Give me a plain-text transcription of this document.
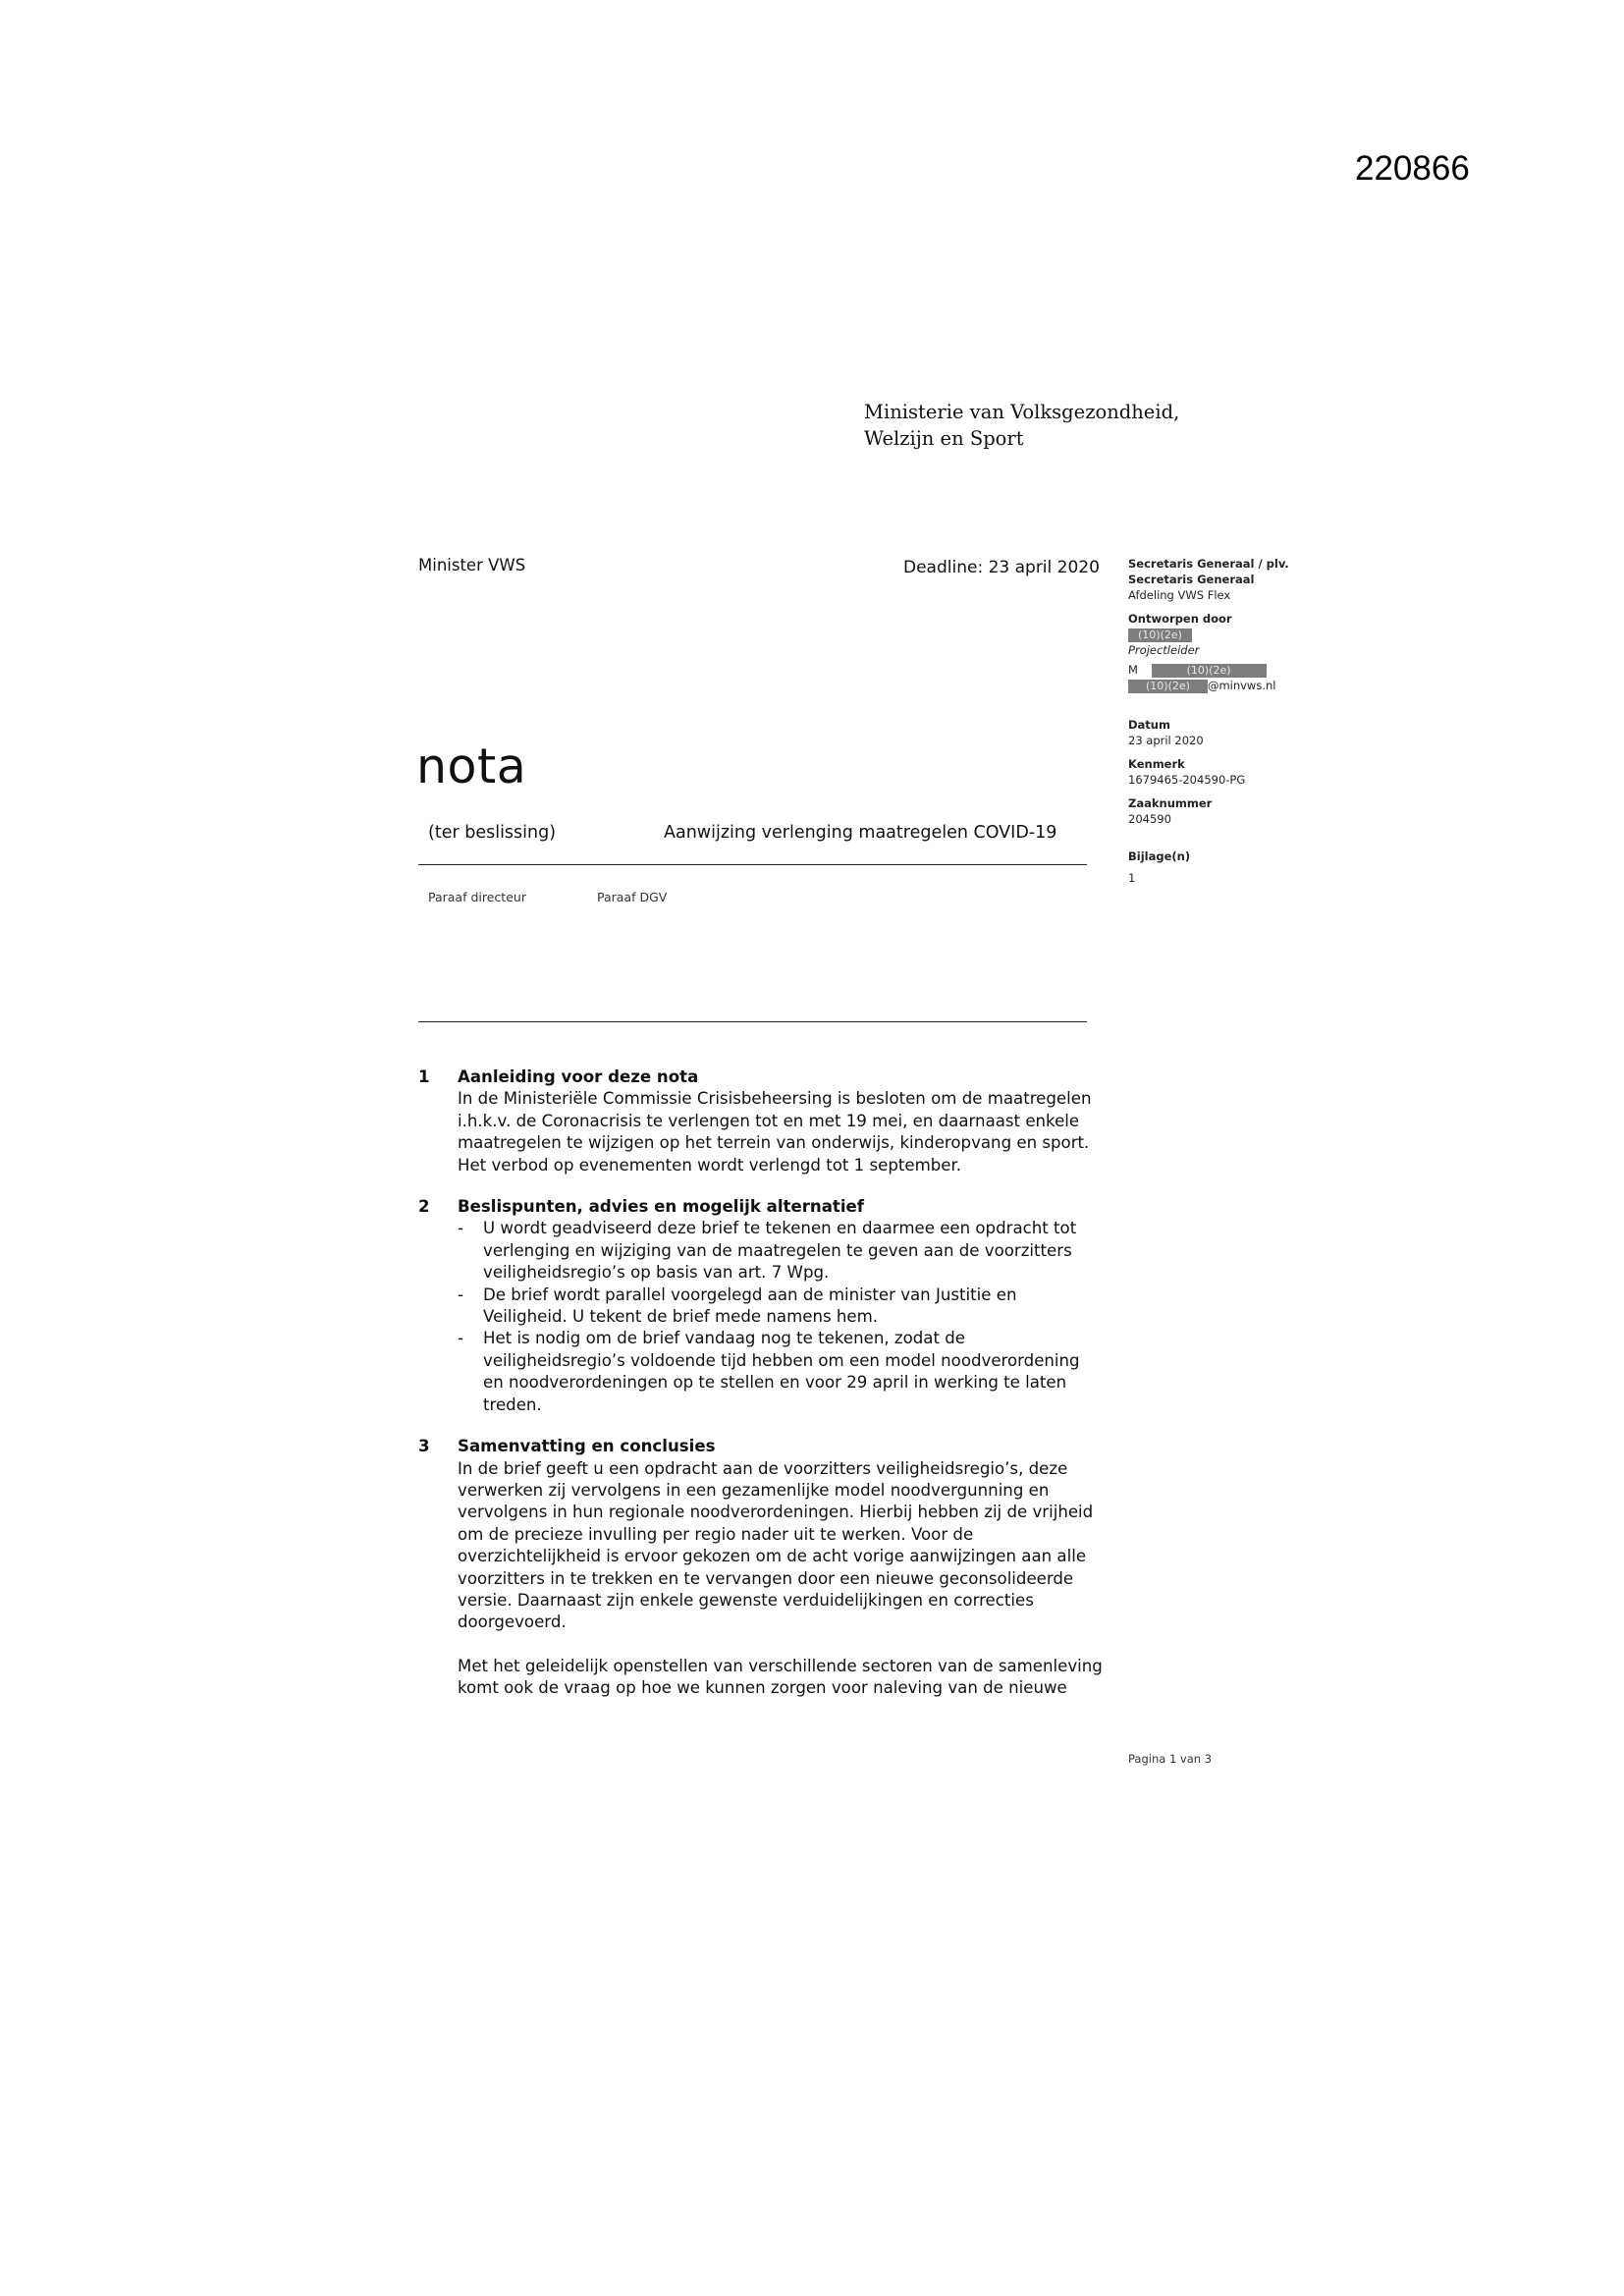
220866
Ministerie van Volksgezondheid,
Welzijn en Sport
Minister VWS	Deadline: 23 april 2020	Secretaris Generaal / plv.
Secretaris Generaal
Afdeling VWS Flex
Ontworpen door
(10)(2e)
Projectleider
M	(10)(2e)
(10)(2e) @minvws.nl
Datum
23 april 2020
Kenmerk
1679465-204590-PG
Zaaknummer
204590
Bijlage(n)
1
nota
(ter beslissing)	Aanwijzing verlenging maatregelen COVID-19
Paraaf directeur	Paraaf DGV
1 Aanleiding voor deze nota

In de Ministeriële Commissie Crisisbeheersing is besloten om de maatregelen
i.h.k.v. de Coronacrisis te verlengen tot en met 19 mei, en daarnaast enkele
maatregelen te wijzigen op het terrein van onderwijs, kinderopvang en sport.
Het verbod op evenementen wordt verlengd tot 1 september.

2 Beslispunten, advies en mogelijk alternatief
- U wordt geadviseerd deze brief te tekenen en daarmee een opdracht tot
verlenging en wijziging van de maatregelen te geven aan de voorzitters
veiligheidsregio’s op basis van art. 7 Wpg.

- De brief wordt parallel voorgelegd aan de minister van Justitie en
Veiligheid. U tekent de brief mede namens hem.

- Het is nodig om de brief vandaag nog te tekenen, zodat de
veiligheidsregio’s voldoende tijd hebben om een model noodverordening
en noodverordeningen op te stellen en voor 29 april in werking te laten
treden.

3 Samenvatting en conclusies

In de brief geeft u een opdracht aan de voorzitters veiligheidsregio’s, deze
verwerken zij vervolgens in een gezamenlijke model noodvergunning en
vervolgens in hun regionale noodverordeningen. Hierbij hebben zij de vrijheid
om de precieze invulling per regio nader uit te werken. Voor de
overzichtelijkheid is ervoor gekozen om de acht vorige aanwijzingen aan alle
voorzitters in te trekken en te vervangen door een nieuwe geconsolideerde
versie. Daarnaast zijn enkele gewenste verduidelijkingen en correcties
doorgevoerd.

Met het geleidelijk openstellen van verschillende sectoren van de samenleving
komt ook de vraag op hoe we kunnen zorgen voor naleving van de nieuwe

Pagina 1 van 3
